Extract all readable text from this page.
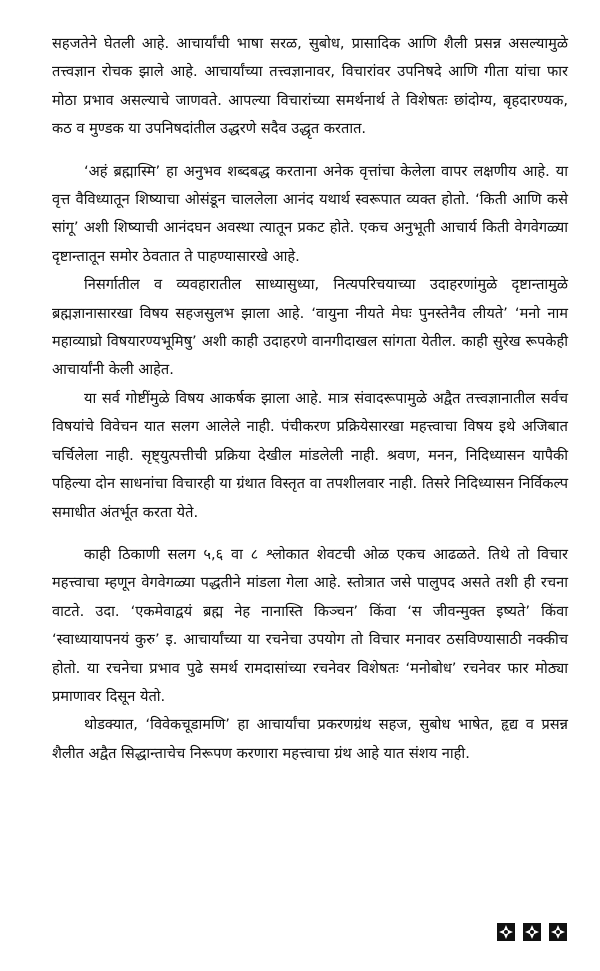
सहजतेने घेतली आहे. आचार्यांची भाषा सरळ, सुबोध, प्रासादिक आणि शैली प्रसन्न असल्यामुळे तत्त्वज्ञान रोचक झाले आहे. आचार्यांच्या तत्त्वज्ञानावर, विचारांवर उपनिषदे आणि गीता यांचा फार मोठा प्रभाव असल्याचे जाणवते. आपल्या विचारांच्या समर्थनार्थ ते विशेषतः छांदोग्य, बृहदारण्यक, कठ व मुण्डक या उपनिषदांतील उद्धरणे सदैव उद्धृत करतात.

‘अहं ब्रह्मास्मि’ हा अनुभव शब्दबद्ध करताना अनेक वृत्तांचा केलेला वापर लक्षणीय आहे. या वृत्त वैविध्यातून शिष्याचा ओसंडून चाललेला आनंद यथार्थ स्वरूपात व्यक्त होतो. ‘किती आणि कसे सांगू’ अशी शिष्याची आनंदघन अवस्था त्यातून प्रकट होते. एकच अनुभूती आचार्य किती वेगवेगळ्या दृष्टान्तातून समोर ठेवतात ते पाहण्यासारखे आहे.

निसर्गातील व व्यवहारातील साध्यासुध्या, नित्यपरिचयाच्या उदाहरणांमुळे दृष्टान्तामुळे ब्रह्मज्ञानासारखा विषय सहजसुलभ झाला आहे. ‘वायुना नीयते मेघः पुनस्तेनैव लीयते’ ‘मनो नाम महाव्याघ्रो विषयारण्यभूमिषु’ अशी काही उदाहरणे वानगीदाखल सांगता येतील. काही सुरेख रूपकेही आचार्यांनी केली आहेत.

या सर्व गोष्टींमुळे विषय आकर्षक झाला आहे. मात्र संवादरूपामुळे अद्वैत तत्त्वज्ञानातील सर्वच विषयांचे विवेचन यात सलग आलेले नाही. पंचीकरण प्रक्रियेसारखा महत्त्वाचा विषय इथे अजिबात चर्चिलेला नाही. सृष्ट्युत्पत्तीची प्रक्रिया देखील मांडलेली नाही. श्रवण, मनन, निदिध्यासन यापैकी पहिल्या दोन साधनांचा विचारही या ग्रंथात विस्तृत वा तपशीलवार नाही. तिसरे निदिध्यासन निर्विकल्प समाधीत अंतर्भूत करता येते.

काही ठिकाणी सलग ५,६ वा ८ श्लोकात शेवटची ओळ एकच आढळते. तिथे तो विचार महत्त्वाचा म्हणून वेगवेगळ्या पद्धतीने मांडला गेला आहे. स्तोत्रात जसे पालुपद असते तशी ही रचना वाटते. उदा. ‘एकमेवाद्वयं ब्रह्म नेह नानास्ति किञ्चन’ किंवा ‘स जीवन्मुक्त इष्यते’ किंवा ‘स्वाध्यायापनयं कुरु’ इ. आचार्यांच्या या रचनेचा उपयोग तो विचार मनावर ठसविण्यासाठी नक्कीच होतो. या रचनेचा प्रभाव पुढे समर्थ रामदासांच्या रचनेवर विशेषतः ‘मनोबोध’ रचनेवर फार मोठ्या प्रमाणावर दिसून येतो.

थोडक्यात, ‘विवेकचूडामणि’ हा आचार्यांचा प्रकरणग्रंथ सहज, सुबोध भाषेत, हृद्य व प्रसन्न शैलीत अद्वैत सिद्धान्ताचेच निरूपण करणारा महत्त्वाचा ग्रंथ आहे यात संशय नाही.
